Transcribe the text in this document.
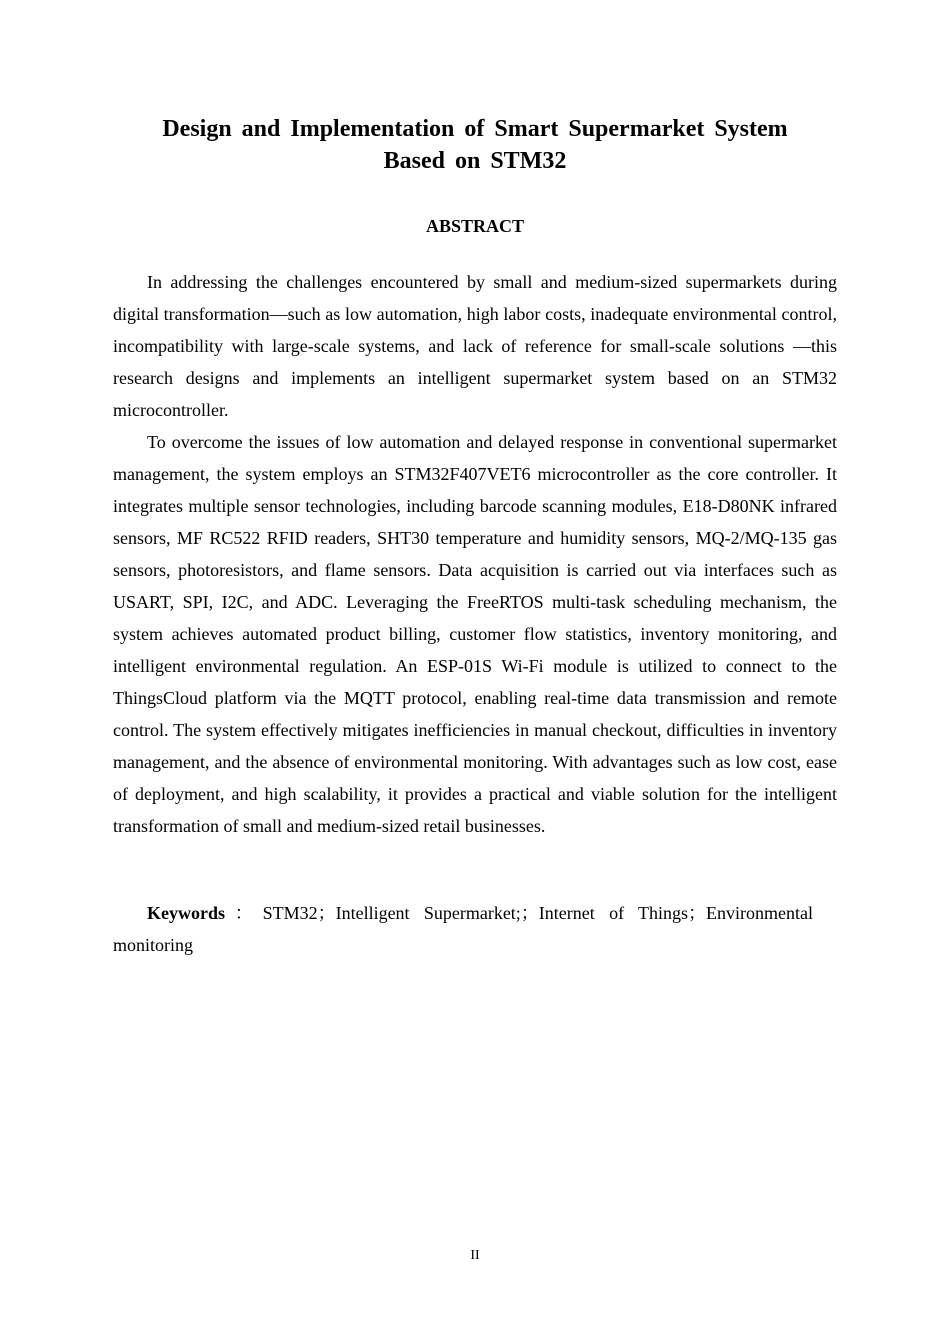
Design and Implementation of Smart Supermarket System Based on STM32
ABSTRACT

In addressing the challenges encountered by small and medium-sized supermarkets during digital transformation—such as low automation, high labor costs, inadequate environmental control, incompatibility with large-scale systems, and lack of reference for small-scale solutions —this research designs and implements an intelligent supermarket system based on an STM32 microcontroller.

To overcome the issues of low automation and delayed response in conventional supermarket management, the system employs an STM32F407VET6 microcontroller as the core controller. It integrates multiple sensor technologies, including barcode scanning modules, E18-D80NK infrared sensors, MF RC522 RFID readers, SHT30 temperature and humidity sensors, MQ-2/MQ-135 gas sensors, photoresistors, and flame sensors. Data acquisition is carried out via interfaces such as USART, SPI, I2C, and ADC. Leveraging the FreeRTOS multi-task scheduling mechanism, the system achieves automated product billing, customer flow statistics, inventory monitoring, and intelligent environmental regulation. An ESP-01S Wi-Fi module is utilized to connect to the ThingsCloud platform via the MQTT protocol, enabling real-time data transmission and remote control. The system effectively mitigates inefficiencies in manual checkout, difficulties in inventory management, and the absence of environmental monitoring. With advantages such as low cost, ease of deployment, and high scalability, it provides a practical and viable solution for the intelligent transformation of small and medium-sized retail businesses.

Keywords：STM32；Intelligent Supermarket;；Internet of Things；Environmental monitoring

II
